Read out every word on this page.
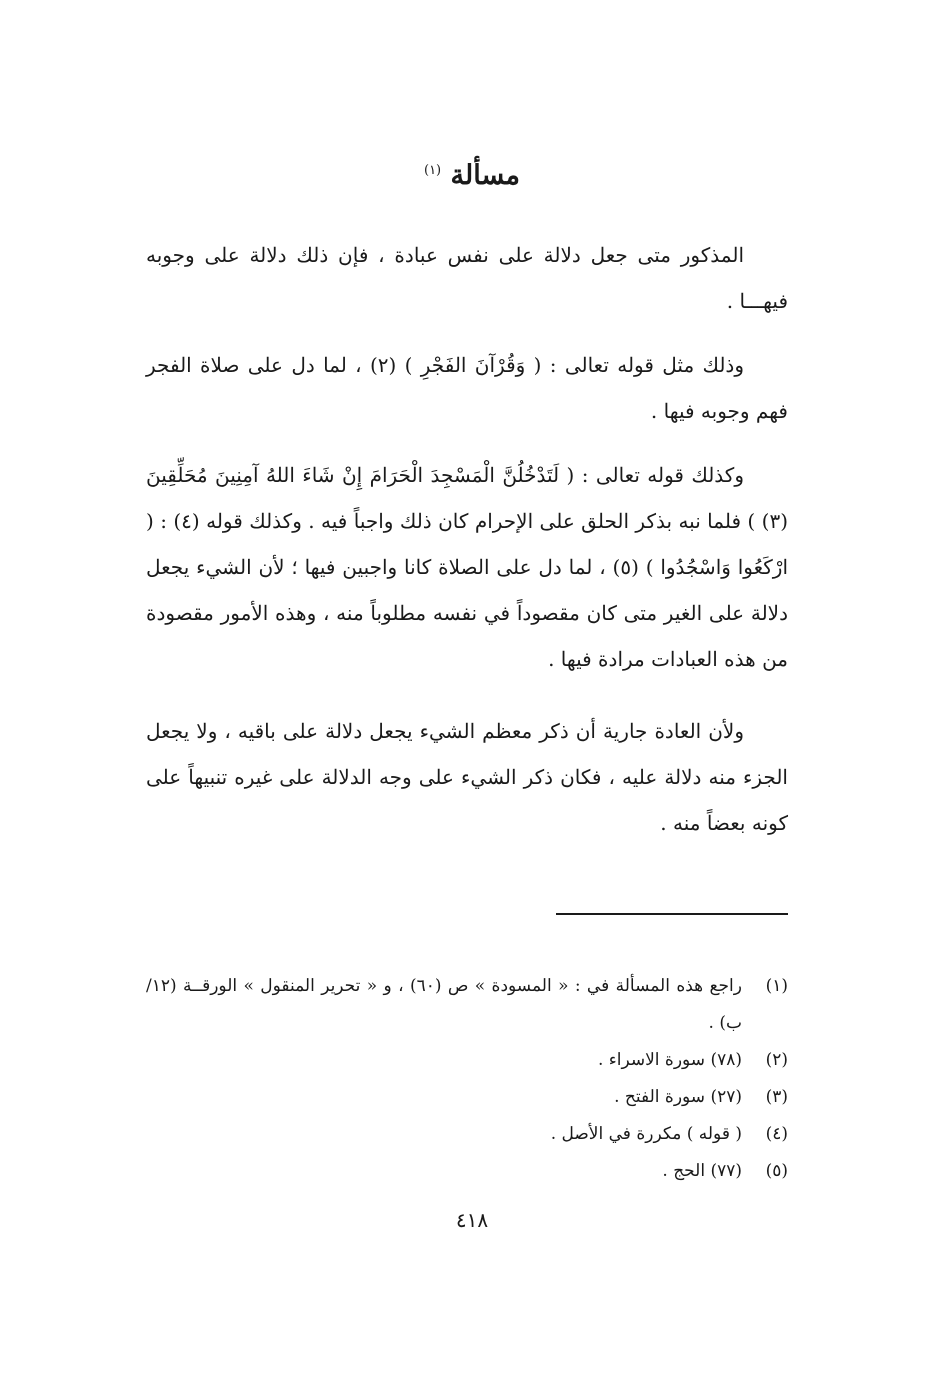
مسألة $^{(١)}$

المذكور متى جعل دلالة على نفس عبادة ، فإن ذلك دلالة على وجوبه فيهـــا .

وذلك مثل قوله تعالى : ( وَقُرْآنَ الفَجْرِ ) (٢) ، لما دل على صلاة الفجر فهم وجوبه فيها .

وكذلك قوله تعالى : ( لَتَدْخُلُنَّ الْمَسْجِدَ الْحَرَامَ إِنْ شَاءَ اللهُ آمِنِينَ مُحَلِّقِينَ (٣) ) فلما نبه بذكر الحلق على الإحرام كان ذلك واجباً فيه . وكذلك قوله (٤) : ( ارْكَعُوا وَاسْجُدُوا ) (٥) ، لما دل على الصلاة كانا واجبين فيها ؛ لأن الشيء يجعل دلالة على الغير متى كان مقصوداً في نفسه مطلوباً منه ، وهذه الأمور مقصودة من هذه العبادات مرادة فيها .

ولأن العادة جارية أن ذكر معظم الشيء يجعل دلالة على باقيه ، ولا يجعل الجزء منه دلالة عليه ، فكان ذكر الشيء على وجه الدلالة على غيره تنبيهاً على كونه بعضاً منه .

(١)
راجع هذه المسألة في : « المسودة » ص (٦٠) ، و « تحرير المنقول » الورقــة (١٢/ب) .
(٢)
(٧٨) سورة الاسراء .
(٣)
(٢٧) سورة الفتح .
(٤)
( قوله ) مكررة في الأصل .
(٥)
(٧٧) الحج .
٤١٨
